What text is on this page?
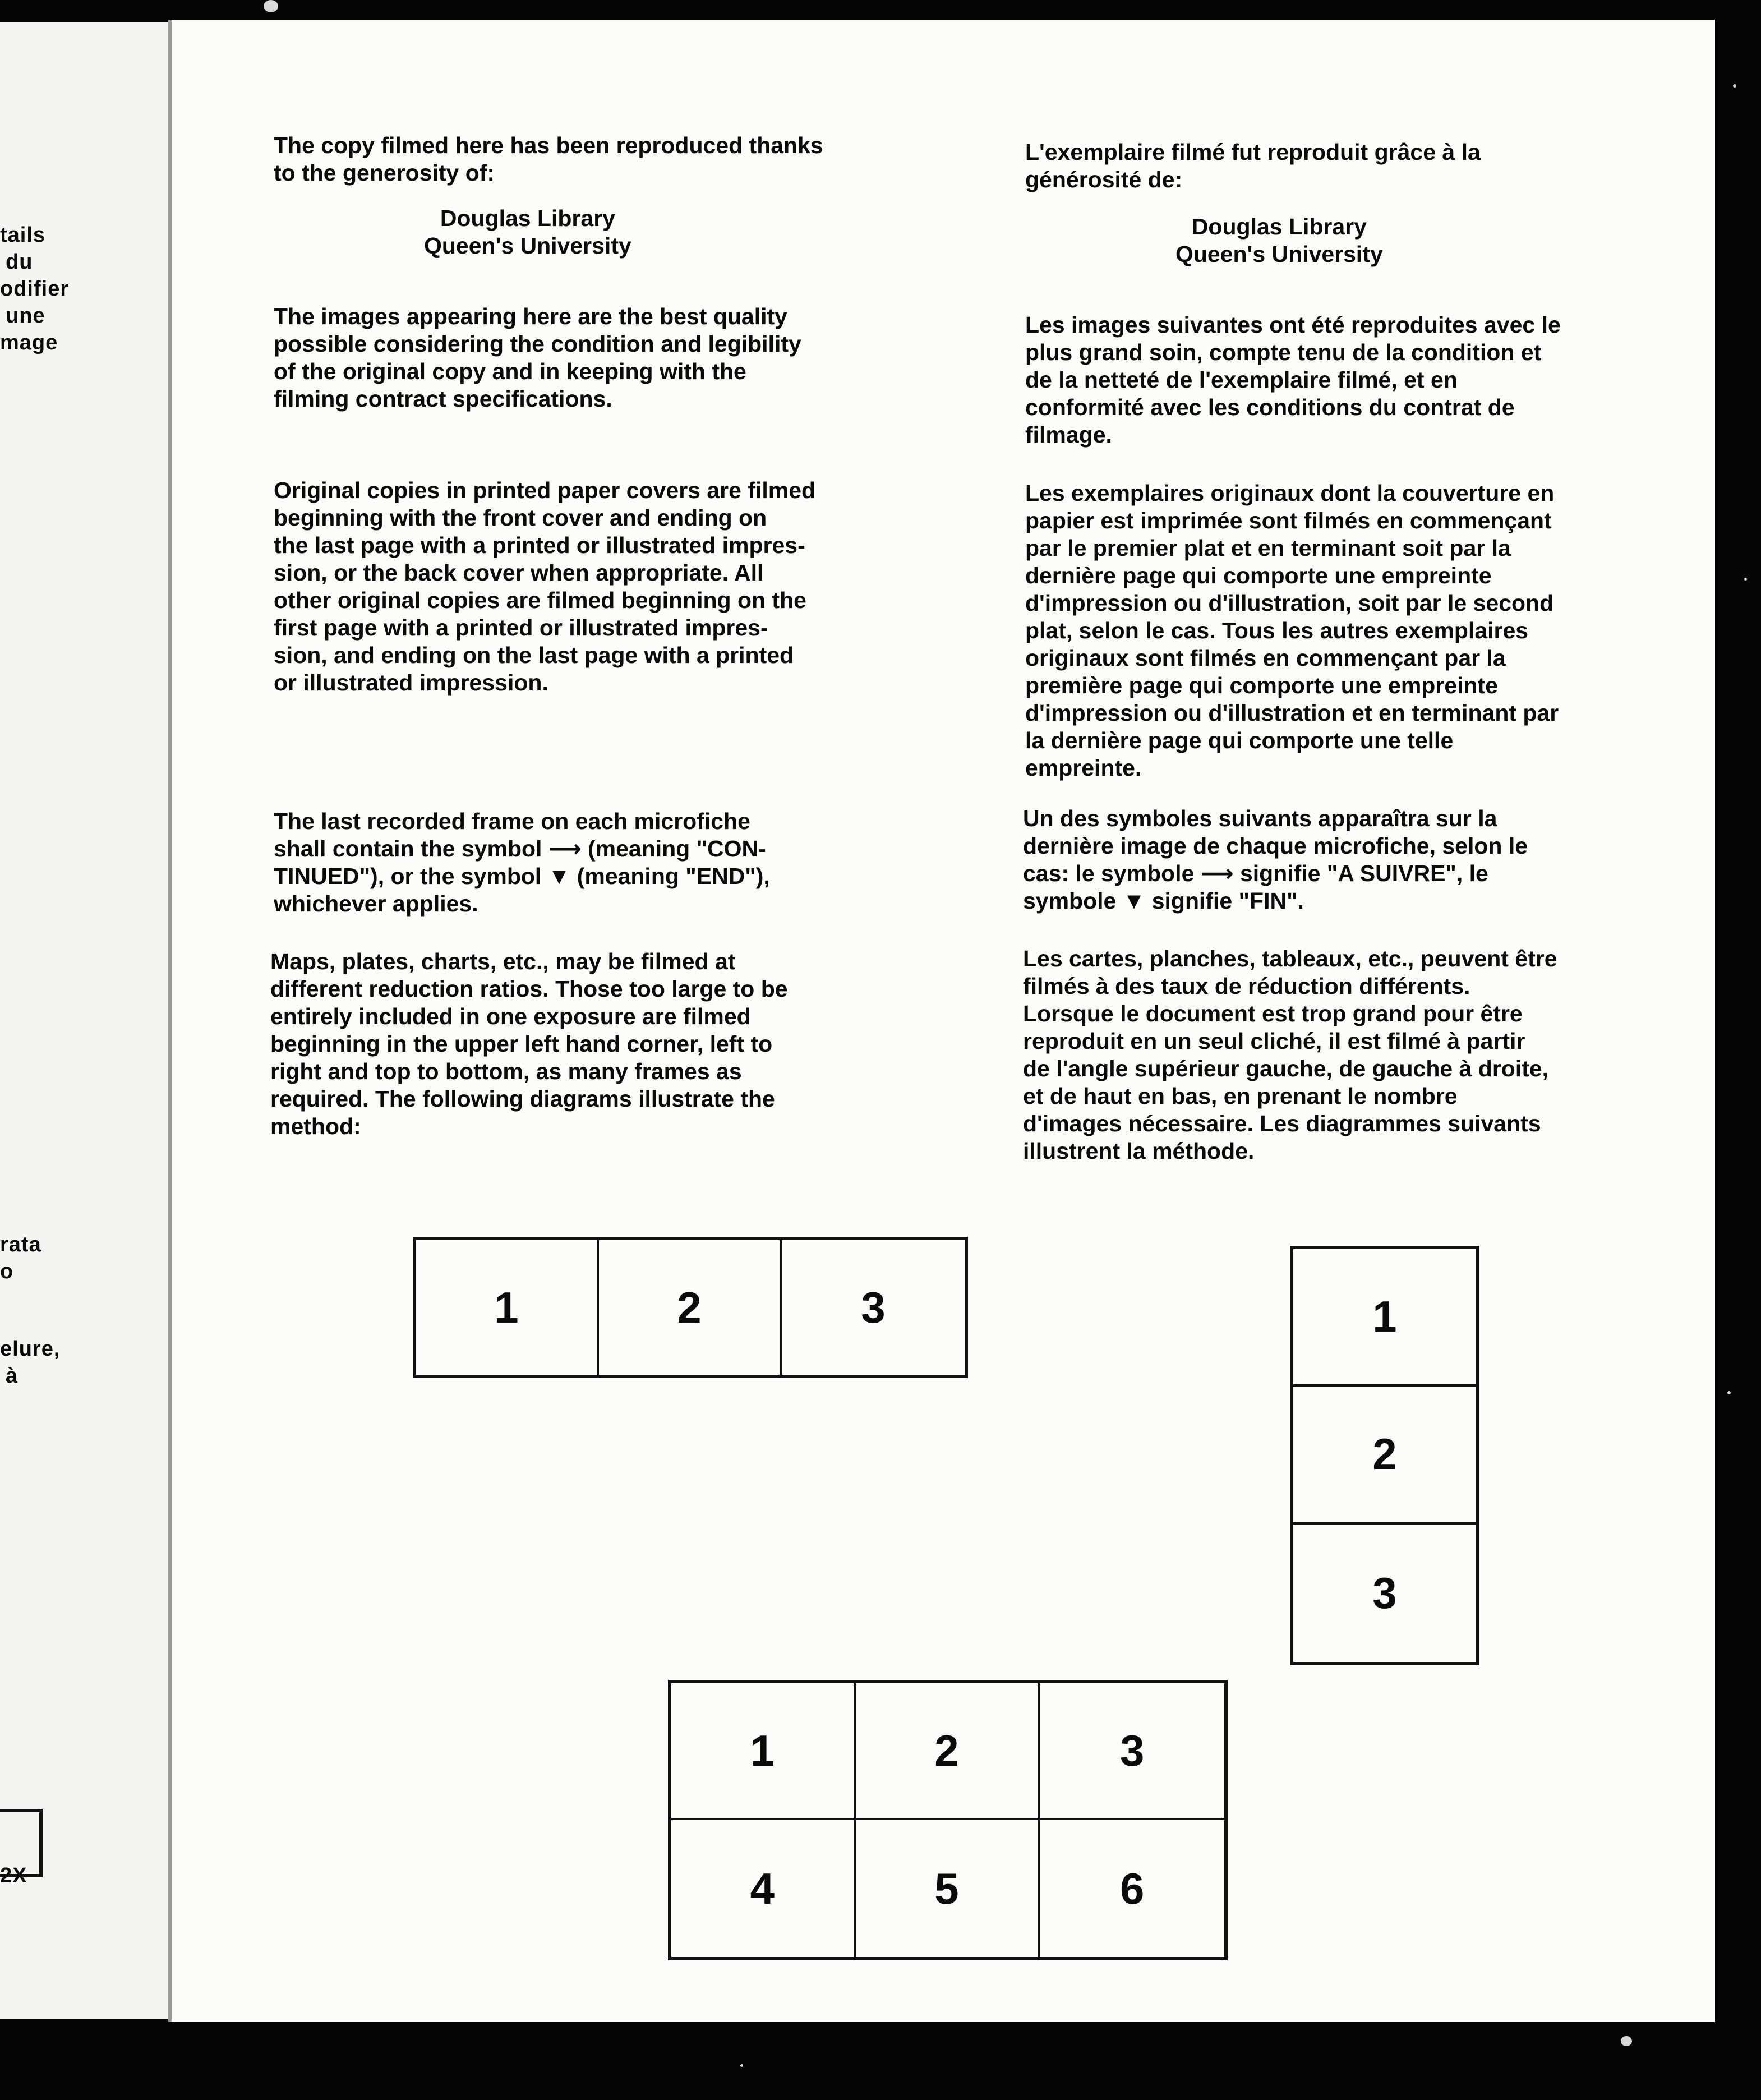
tails
du
odifier
une
mage
rata
o
elure,
à
2X

The copy filmed here has been reproduced thanks
to the generosity of:

Douglas Library
Queen's University

The images appearing here are the best quality
possible considering the condition and legibility
of the original copy and in keeping with the
filming contract specifications.

Original copies in printed paper covers are filmed
beginning with the front cover and ending on
the last page with a printed or illustrated impres-
sion, or the back cover when appropriate. All
other original copies are filmed beginning on the
first page with a printed or illustrated impres-
sion, and ending on the last page with a printed
or illustrated impression.

The last recorded frame on each microfiche
shall contain the symbol ⟶ (meaning "CON-
TINUED"), or the symbol ▼ (meaning "END"),
whichever applies.

Maps, plates, charts, etc., may be filmed at
different reduction ratios. Those too large to be
entirely included in one exposure are filmed
beginning in the upper left hand corner, left to
right and top to bottom, as many frames as
required. The following diagrams illustrate the
method:

L'exemplaire filmé fut reproduit grâce à la
générosité de:

Douglas Library
Queen's University

Les images suivantes ont été reproduites avec le
plus grand soin, compte tenu de la condition et
de la netteté de l'exemplaire filmé, et en
conformité avec les conditions du contrat de
filmage.

Les exemplaires originaux dont la couverture en
papier est imprimée sont filmés en commençant
par le premier plat et en terminant soit par la
dernière page qui comporte une empreinte
d'impression ou d'illustration, soit par le second
plat, selon le cas. Tous les autres exemplaires
originaux sont filmés en commençant par la
première page qui comporte une empreinte
d'impression ou d'illustration et en terminant par
la dernière page qui comporte une telle
empreinte.

Un des symboles suivants apparaîtra sur la
dernière image de chaque microfiche, selon le
cas: le symbole ⟶ signifie "A SUIVRE", le
symbole ▼ signifie "FIN".

Les cartes, planches, tableaux, etc., peuvent être
filmés à des taux de réduction différents.
Lorsque le document est trop grand pour être
reproduit en un seul cliché, il est filmé à partir
de l'angle supérieur gauche, de gauche à droite,
et de haut en bas, en prenant le nombre
d'images nécessaire. Les diagrammes suivants
illustrent la méthode.

1	2	3	1
2
3
1	2	3
4	5	6
